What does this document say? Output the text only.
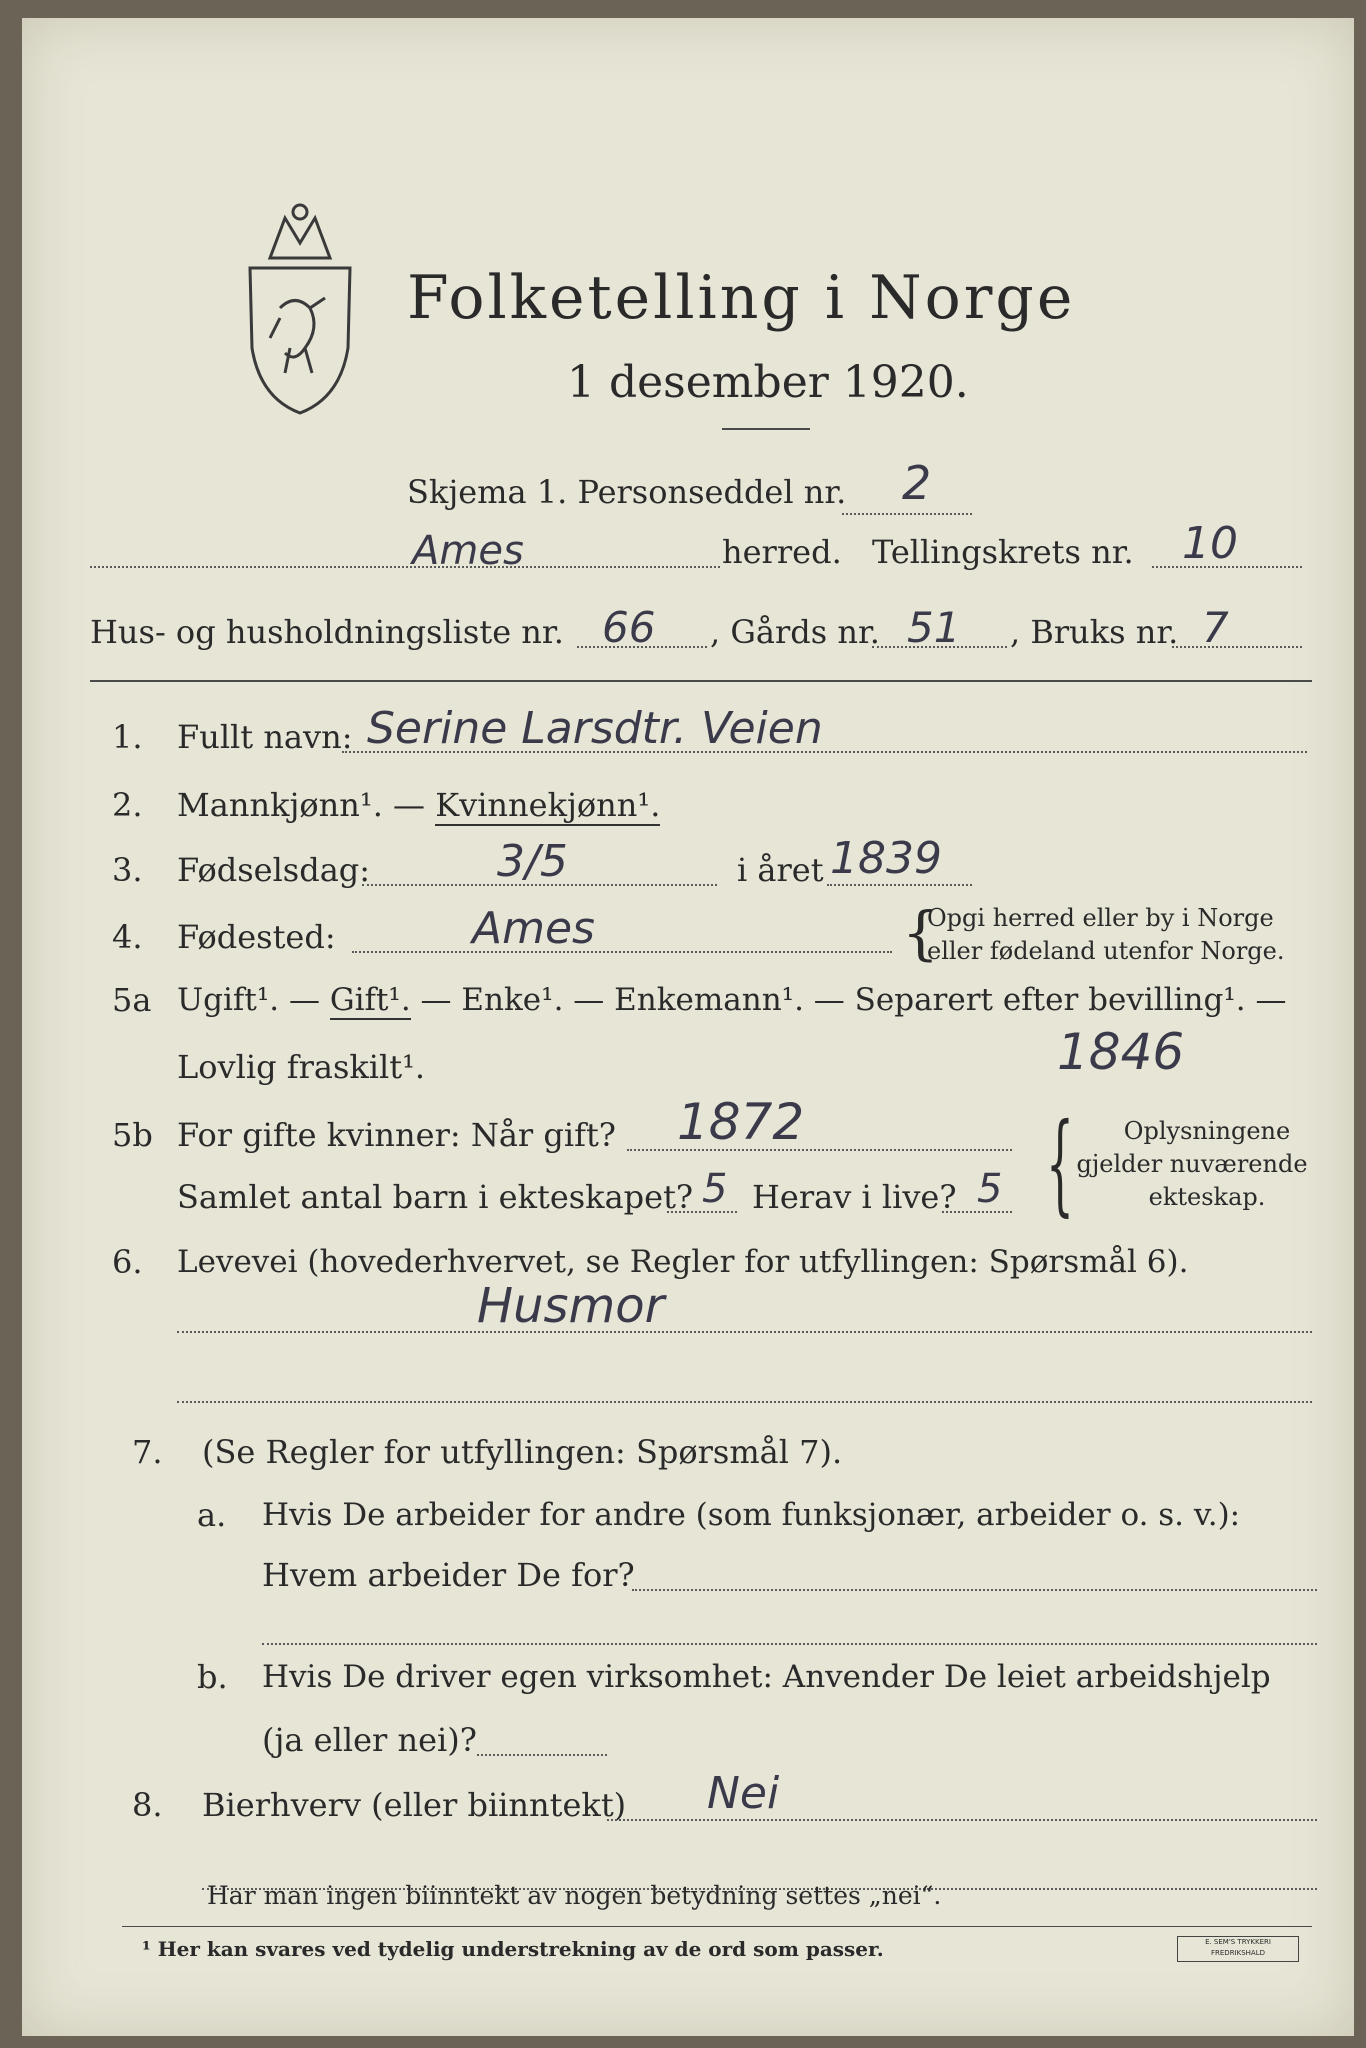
Folketelling i Norge
1 desember 1920.
Skjema 1. Personseddel nr. 2
Ames	herred. Tellingskrets nr. 10
Hus- og husholdningsliste nr. 66 , Gårds nr. 51 , Bruks nr. 7
1. Fullt navn: Serine Larsdtr. Veien
2. Mannkjønn¹. — Kvinnekjønn¹.
3. Fødselsdag:	3/5	i året 1839
4. Fødested:	Ames	{
Opgi herred eller by i Norge
eller fødeland utenfor Norge.
5a Ugift¹. — Gift¹. — Enke¹. — Enkemann¹. — Separert efter bevilling¹. —
Lovlig fraskilt¹.	1846
5b For gifte kvinner: Når gift? 1872
Samlet antal barn i ekteskapet? 5 Herav i live? 5 {	Oplysningene
gjelder nuværende
ekteskap.
6. Levevei (hovederhvervet, se Regler for utfyllingen: Spørsmål 6).
Husmor
7. (Se Regler for utfyllingen: Spørsmål 7).
a. Hvis De arbeider for andre (som funksjonær, arbeider o. s. v.):
Hvem arbeider De for?
b. Hvis De driver egen virksomhet: Anvender De leiet arbeidshjelp
(ja eller nei)?
8. Bierhverv (eller biinntekt) Nei
Har man ingen biinntekt av nogen betydning settes „nei“.
¹ Her kan svares ved tydelig understrekning av de ord som passer.	E. SEM'S TRYKKERI FREDRIKSHALD
